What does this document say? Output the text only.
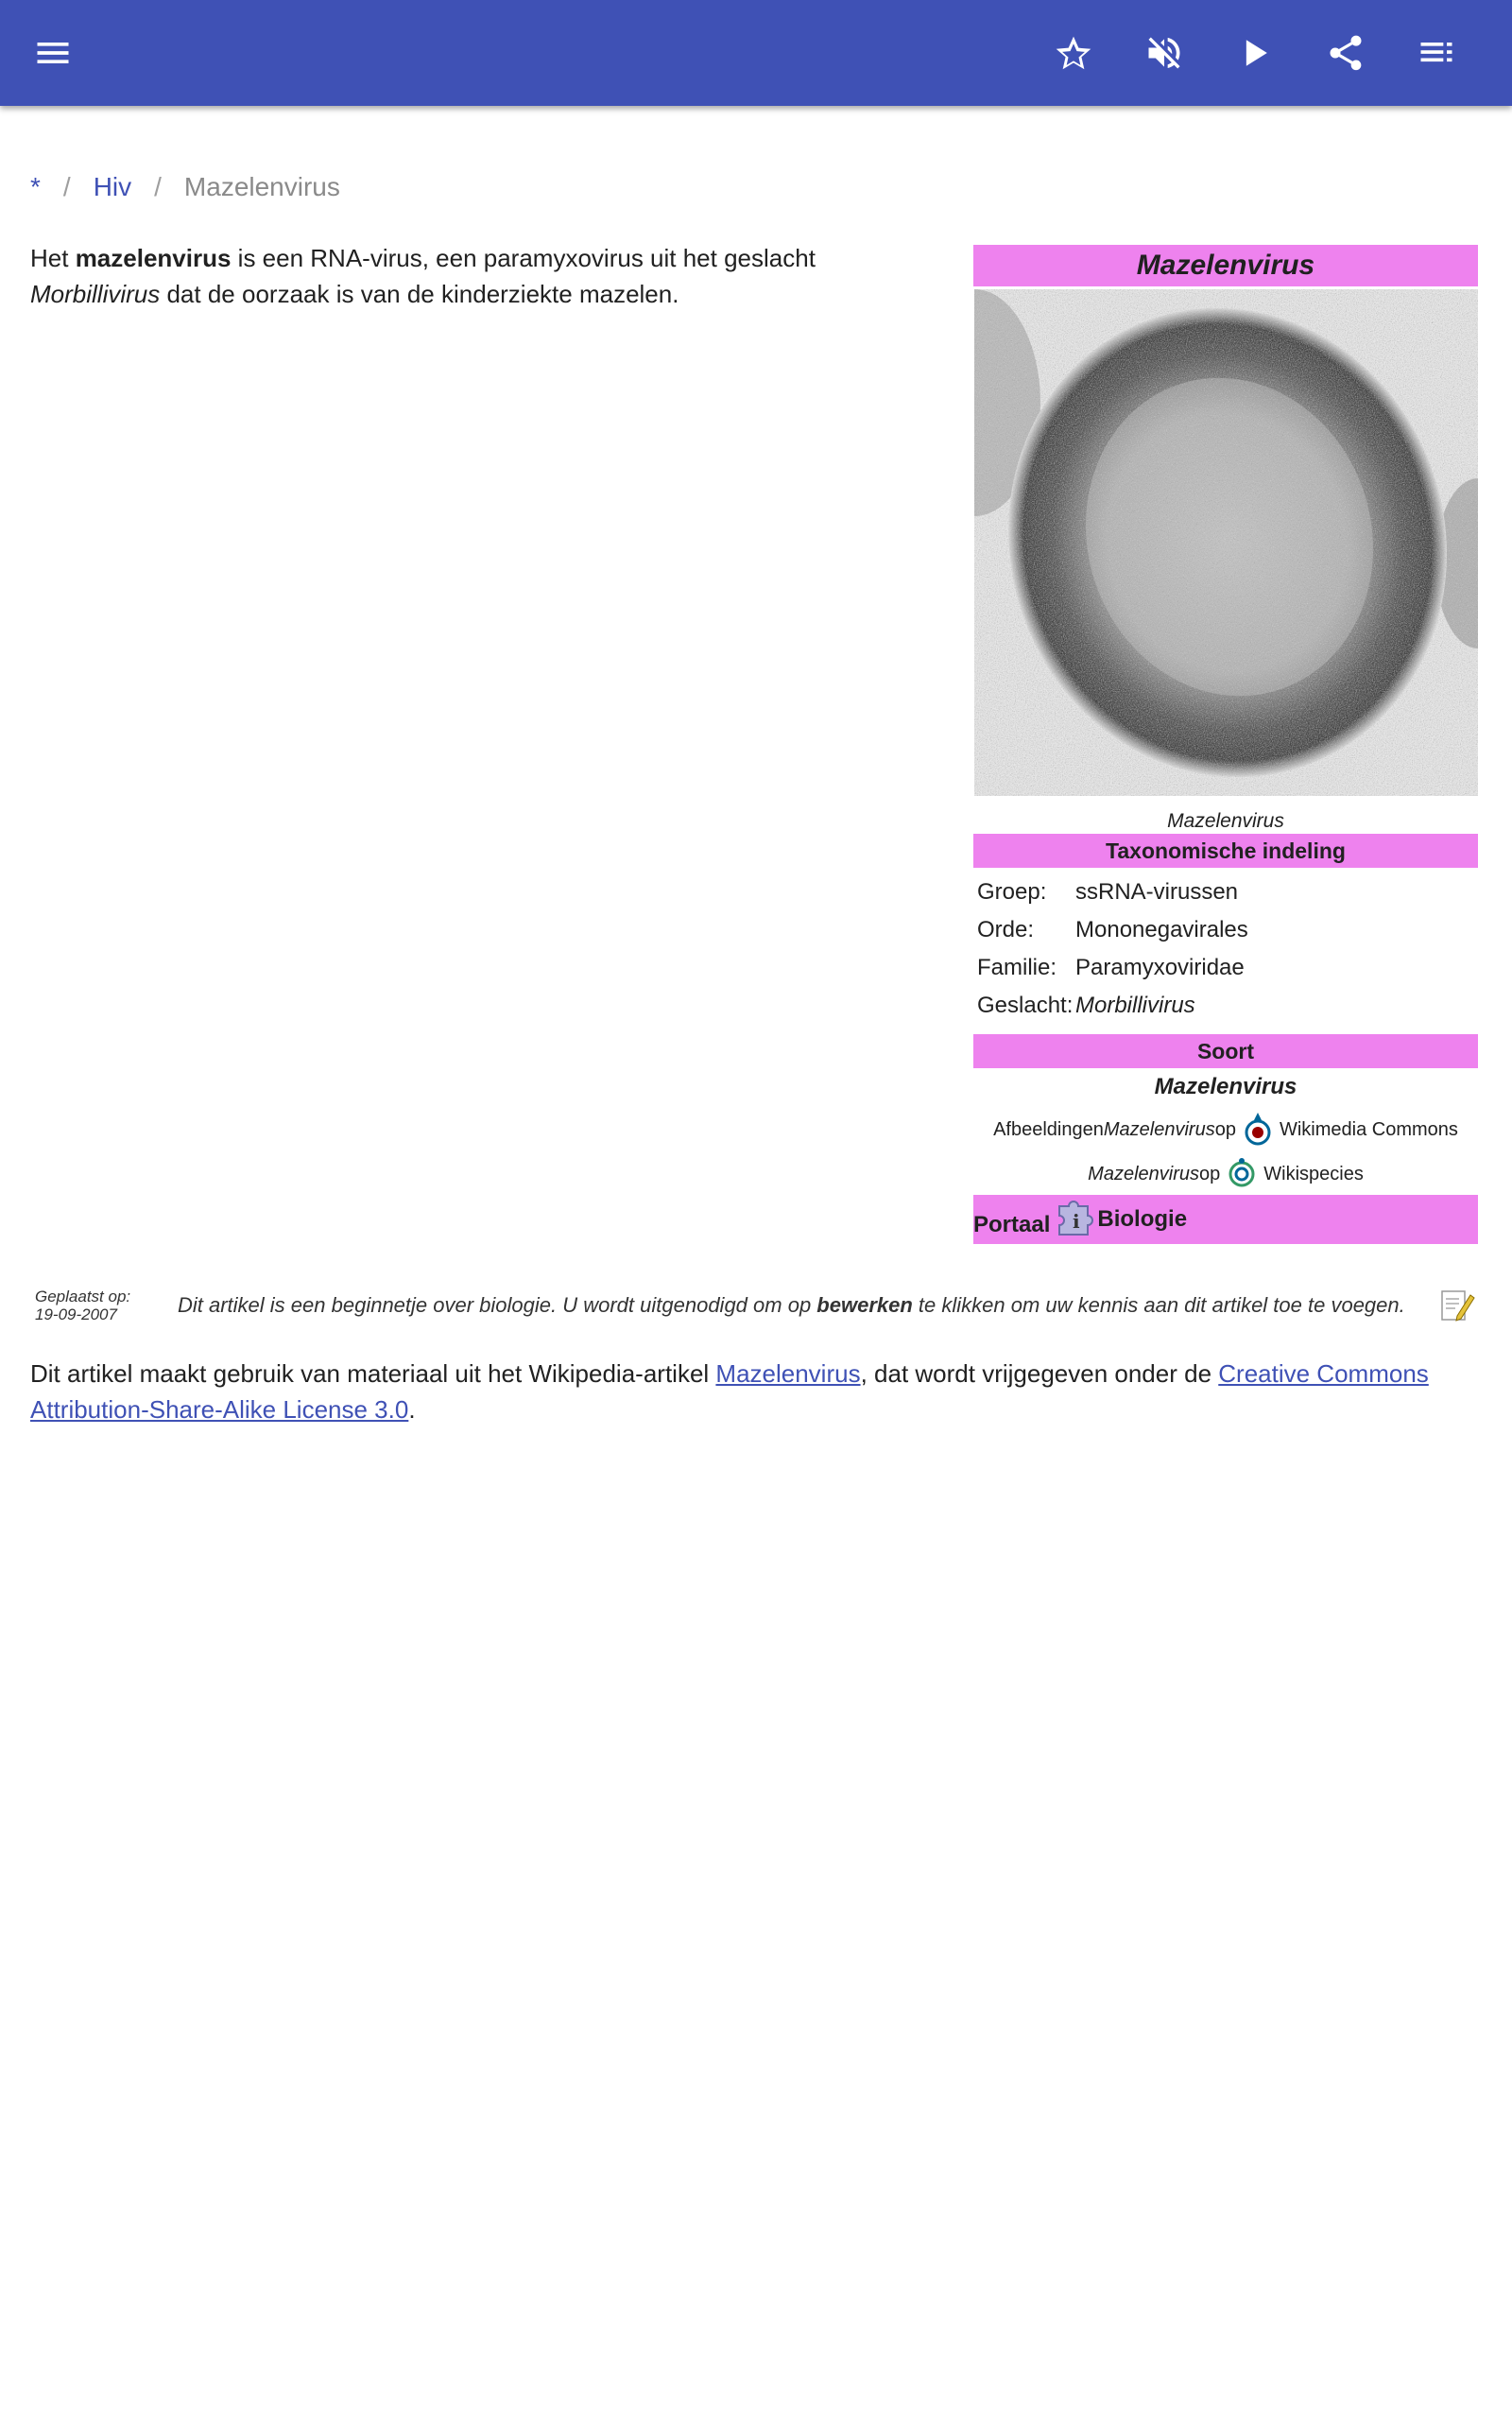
* / Hiv / Mazelenvirus

Het mazelenvirus is een RNA-virus, een paramyxovirus uit het geslacht Morbillivirus dat de oorzaak is van de kinderziekte mazelen.

Mazelenvirus
Mazelenvirus
Taxonomische indeling
Groep:	ssRNA-virussen
Orde:	Mononegavirales
Familie: Paramyxoviridae
Geslacht: Morbillivirus
Soort
Mazelenvirus
Afbeeldingen Mazelenvirus op Wikimedia Commons
Mazelenvirus op Wikispecies
Portaal i Biologie
Geplaatst op:
19-09-2007	Dit artikel is een beginnetje over biologie. U wordt uitgenodigd om op bewerken te klikken om uw kennis aan dit artikel toe te voegen.

Dit artikel maakt gebruik van materiaal uit het Wikipedia-artikel Mazelenvirus, dat wordt vrijgegeven onder de Creative Commons Attribution-Share-Alike License 3.0.
